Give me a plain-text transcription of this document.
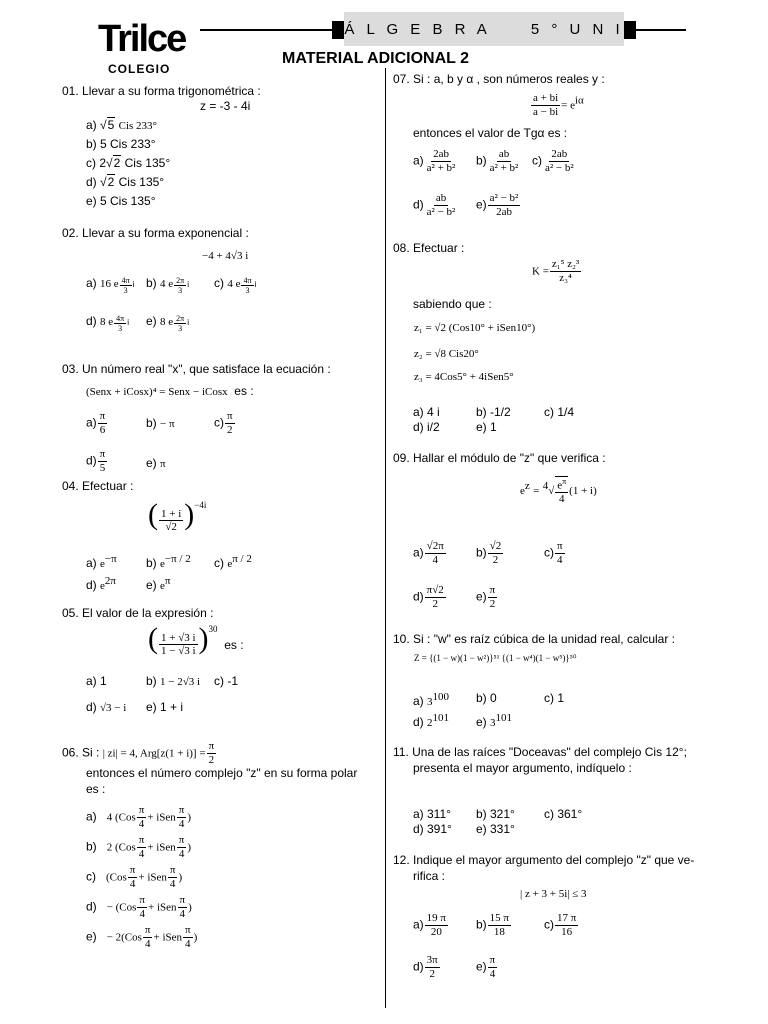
Trilce
COLEGIO
Á L G E B R A     5 ° U N I
MATERIAL ADICIONAL 2
01. Llevar a su forma trigonométrica :
z = -3 - 4i
a) √5 Cis 233°
b) 5 Cis 233°
c) 2√2 Cis 135°
d) √2 Cis 135°
e) 5 Cis 135°
02. Llevar a su forma exponencial :
−4 + 4√3 i
a) 16 e $\frac{4\pi}{3}$ i b) 4 e $\frac{2\pi}{3}$ i c) 4 e $\frac{4\pi}{3}$ i
d) 8 e $\frac{4\pi}{3}$ i e) 8 e $\frac{2\pi}{3}$ i
03. Un número real "x", que satisface la ecuación :
(Senx + iCosx)⁴ = Senx − iCosx es :
$a) \frac{\pi}{6}$	b) − π	$c) \frac{\pi}{2}$
$d) \frac{\pi}{5}$	e) π
04. Efectuar :
( $\frac{1 + i}{√2} )^{-4i}$
a) $e^{-\pi}$ b) $e^{-\pi / 2}$ c) $e^{\pi / 2}$
d) $e^{2\pi}$	e) $e^\pi$
05. El valor de la expresión :
( $\frac{1 + √3 i}{1 - √3 i} )^{30}$  es :
a) 1	b) 1 − 2√3 i c) -1
d) √3 − i e) 1 + i
06. Si : | zi| = 4, $Arg[z(1 + i)] = \frac{\pi}{2}$
entonces el número complejo "z" en su forma polar
es :
a) 4 ($Cos \frac{\pi}{4}$ + iSen $\frac{\pi}{4}$ )
b) 2 ($Cos \frac{\pi}{4}$ + iSen $\frac{\pi}{4}$ )
c) ($Cos \frac{\pi}{4}$ + iSen $\frac{\pi}{4}$ )
$d) - (Cos \frac{\pi}{4}$ + iSen $\frac{\pi}{4}$ )
$e) - 2(Cos \frac{\pi}{4}$ + iSen $\frac{\pi}{4}$ )
07. Si : a, b y α , son números reales y :
$\frac{a + bi}{a - bi} = e^{i\alpha}$
entonces el valor de Tgα es :
$a) \frac{2ab}{\text{a² + b²}} b) \frac{ab}{\text{a² + b²}} c) \frac{2ab}{\text{a² − b²}}$
$d) \frac{ab}{\text{a² − b²}} e) \frac{\text{a² − b²}}{2ab}$
08. Efectuar :
$K = \frac{\text{z₁⁵ z₂³}}{\text{z₃⁴}}$
sabiendo que :
z₁ = √2 (Cos10° + iSen10°)
z₂ = √8 Cis20°
z₃ = 4Cos5° + 4iSen5°
a) 4 i	b) -1/2	c) 1/4
d) i/2	e) 1
09. Hallar el módulo de "z" que verifica :
$e^z = ^4√ \frac{e^\pi}{4} (1 + i)$
$a) \frac{√2\pi}{4}$	$b) \frac{√2}{2}$	$c) \frac{\pi}{4}$
$d) \frac{\pi√2}{2}$	$e) \frac{\pi}{2}$
10. Si : "w" es raíz cúbica de la unidad real, calcular :
Z = {(1 − w)(1 − w²)}⁵¹ {(1 − w⁴)(1 − w⁵)}⁵⁰
a) $3^{100}$ b) 0	c) 1
d) $2^{101}$ e) $3^{101}$
11. Una de las raíces "Doceavas" del complejo Cis 12°;
presenta el mayor argumento, indíquelo :
a) 311° b) 321° c) 361°
d) 391° e) 331°
12. Indique el mayor argumento del complejo "z" que ve-
rifica :
| z + 3 + 5i| ≤ 3
$a) \frac{19 \pi}{20} b) \frac{15 \pi}{18}$	$c) \frac{17 \pi}{16}$
$d) \frac{3\pi}{2}$	$e) \frac{\pi}{4}$
